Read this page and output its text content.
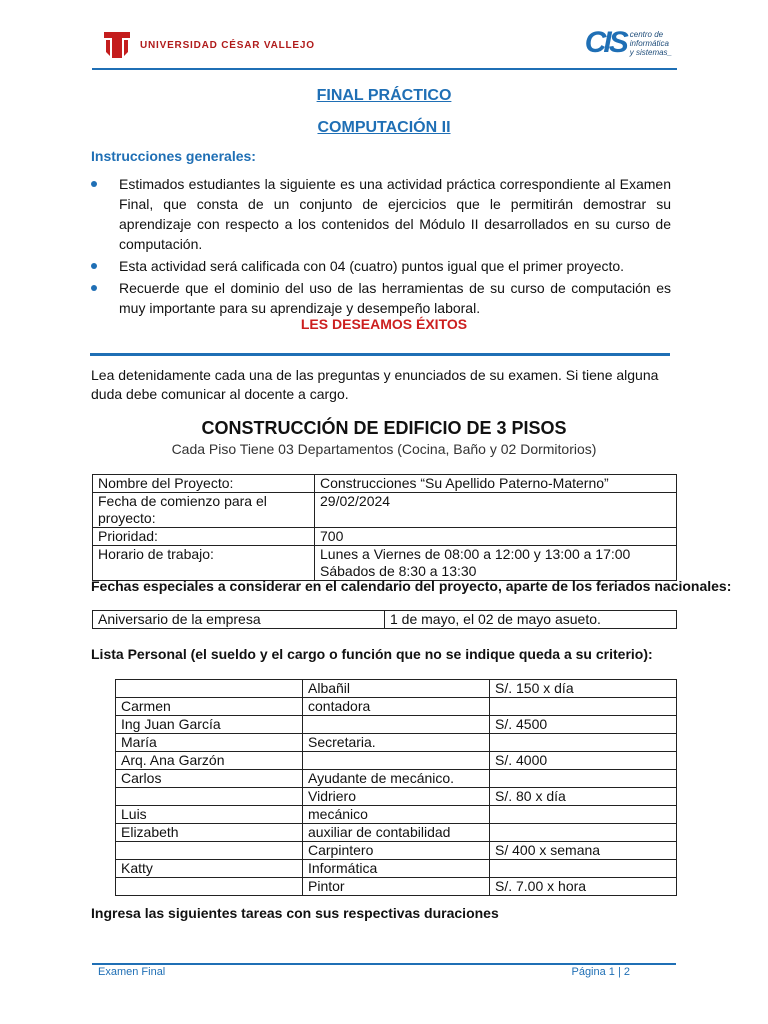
UNIVERSIDAD CÉSAR VALLEJO	CIS centro de
informática
y sistemas_
FINAL PRÁCTICO
COMPUTACIÓN II
Instrucciones generales:
Estimados estudiantes la siguiente es una actividad práctica correspondiente al Examen Final, que consta de un conjunto de ejercicios que le permitirán demostrar su aprendizaje con respecto a los contenidos del Módulo II desarrollados en su curso de computación.
Esta actividad será calificada con 04 (cuatro) puntos igual que el primer proyecto.
Recuerde que el dominio del uso de las herramientas de su curso de computación es muy importante para su aprendizaje y desempeño laboral.
LES DESEAMOS ÉXITOS
Lea detenidamente cada una de las preguntas y enunciados de su examen. Si tiene alguna duda debe comunicar al docente a cargo.
CONSTRUCCIÓN DE EDIFICIO DE 3 PISOS
Cada Piso Tiene 03 Departamentos (Cocina, Baño y 02 Dormitorios)
Nombre del Proyecto:	Construcciones “Su Apellido Paterno-Materno”
Fecha de comienzo para el proyecto:	29/02/2024
Prioridad:	700
Horario de trabajo:	Lunes a Viernes de 08:00 a 12:00 y 13:00 a 17:00
Sábados de 8:30 a 13:30
Fechas especiales a considerar en el calendario del proyecto, aparte de los feriados nacionales:
Aniversario de la empresa	1 de mayo, el 02 de mayo asueto.
Lista Personal (el sueldo y el cargo o función que no se indique queda a su criterio):
	Albañil	S/. 150 x día
Carmen	contadora	
Ing Juan García		S/. 4500
María	Secretaria.	
Arq. Ana Garzón		S/. 4000
Carlos	Ayudante de mecánico.	
	Vidriero	S/. 80 x día
Luis	mecánico	
Elizabeth	auxiliar de contabilidad	
	Carpintero	S/ 400 x semana
Katty	Informática	
	Pintor	S/. 7.00 x hora
Ingresa las siguientes tareas con sus respectivas duraciones
Examen Final	Página 1 | 2
